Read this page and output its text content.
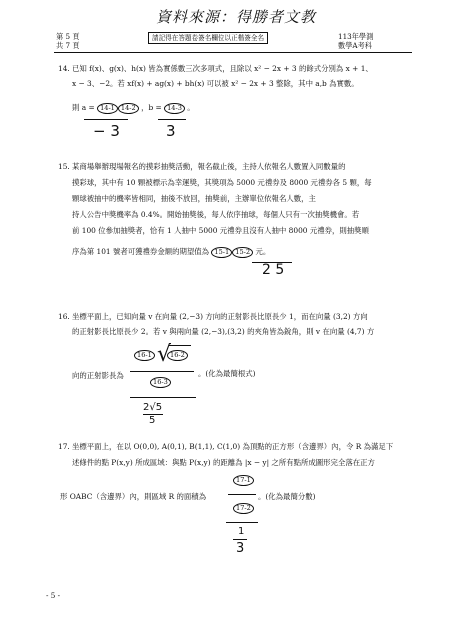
資料來源：得勝者文教
第 5 頁
共 7 頁
請記得在答題卷簽名欄位以正楷簽全名	113年學測
數學A考科
14. 已知 f(x)、g(x)、h(x) 皆為實係數三次多項式，且除以 x² − 2x + 3 的餘式分別為 x + 1、
x − 3、−2。若 xf(x) + ag(x) + bh(x) 可以被 x² − 2x + 3 整除，其中 a,b 為實數。
則 a = 14-1 14-2 ，b = 14-3 。
− 3	3
15. 某商場舉辦現場報名的摸彩抽獎活動，報名截止後，主持人依報名人數置入同數量的
摸彩球，其中有 10 顆被標示為幸運獎，其獎項為 5000 元禮券及 8000 元禮券各 5 顆，每
顆球被抽中的機率皆相同，抽後不放回，抽獎前，主辦單位依報名人數，主
持人公告中獎機率為 0.4%。開始抽獎後，每人依序抽球，每個人只有一次抽獎機會。若
前 100 位參加抽獎者，恰有 1 人抽中 5000 元禮券且沒有人抽中 8000 元禮券，則抽獎順
序為第 101 號者可獲禮券金額的期望值為 15-1 15-2 元。
2 5
16. 坐標平面上，已知向量 v 在向量 (2,−3) 方向的正射影長比原長少 1，而在向量 (3,2) 方向
的正射影長比原長少 2。若 v 與兩向量 (2,−3),(3,2) 的夾角皆為銳角，則 v 在向量 (4,7) 方
向的正射影長為
16-1 √
16-2
16-3
。(化為最簡根式)
2√5
5
17. 坐標平面上，在以 O(0,0), A(0,1), B(1,1), C(1,0) 為頂點的正方形（含邊界）內，令 R 為滿足下
述條件的點 P(x,y) 所成區域：與點 P(x,y) 的距離為 |x − y| 之所有點所成圖形完全落在正方
形 OABC（含邊界）內，則區域 R 的面積為
17-1
17-2
。(化為最簡分數)
1
3
- 5 -
